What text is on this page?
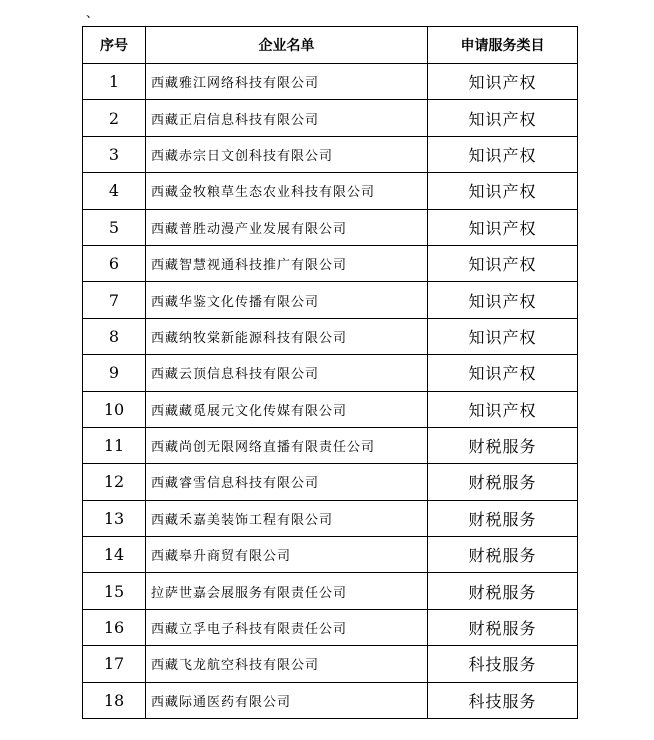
、
序号	企业名单	申请服务类目
1	西藏雅江网络科技有限公司	知识产权
2	西藏正启信息科技有限公司	知识产权
3	西藏赤宗日文创科技有限公司	知识产权
4	西藏金牧粮草生态农业科技有限公司	知识产权
5	西藏普胜动漫产业发展有限公司	知识产权
6	西藏智慧视通科技推广有限公司	知识产权
7	西藏华鉴文化传播有限公司	知识产权
8	西藏纳牧棠新能源科技有限公司	知识产权
9	西藏云顶信息科技有限公司	知识产权
10	西藏藏觅展元文化传媒有限公司	知识产权
11	西藏尚创无限网络直播有限责任公司	财税服务
12	西藏睿雪信息科技有限公司	财税服务
13	西藏禾嘉美装饰工程有限公司	财税服务
14	西藏皋升商贸有限公司	财税服务
15	拉萨世嘉会展服务有限责任公司	财税服务
16	西藏立孚电子科技有限责任公司	财税服务
17	西藏飞龙航空科技有限公司	科技服务
18	西藏际通医药有限公司	科技服务
